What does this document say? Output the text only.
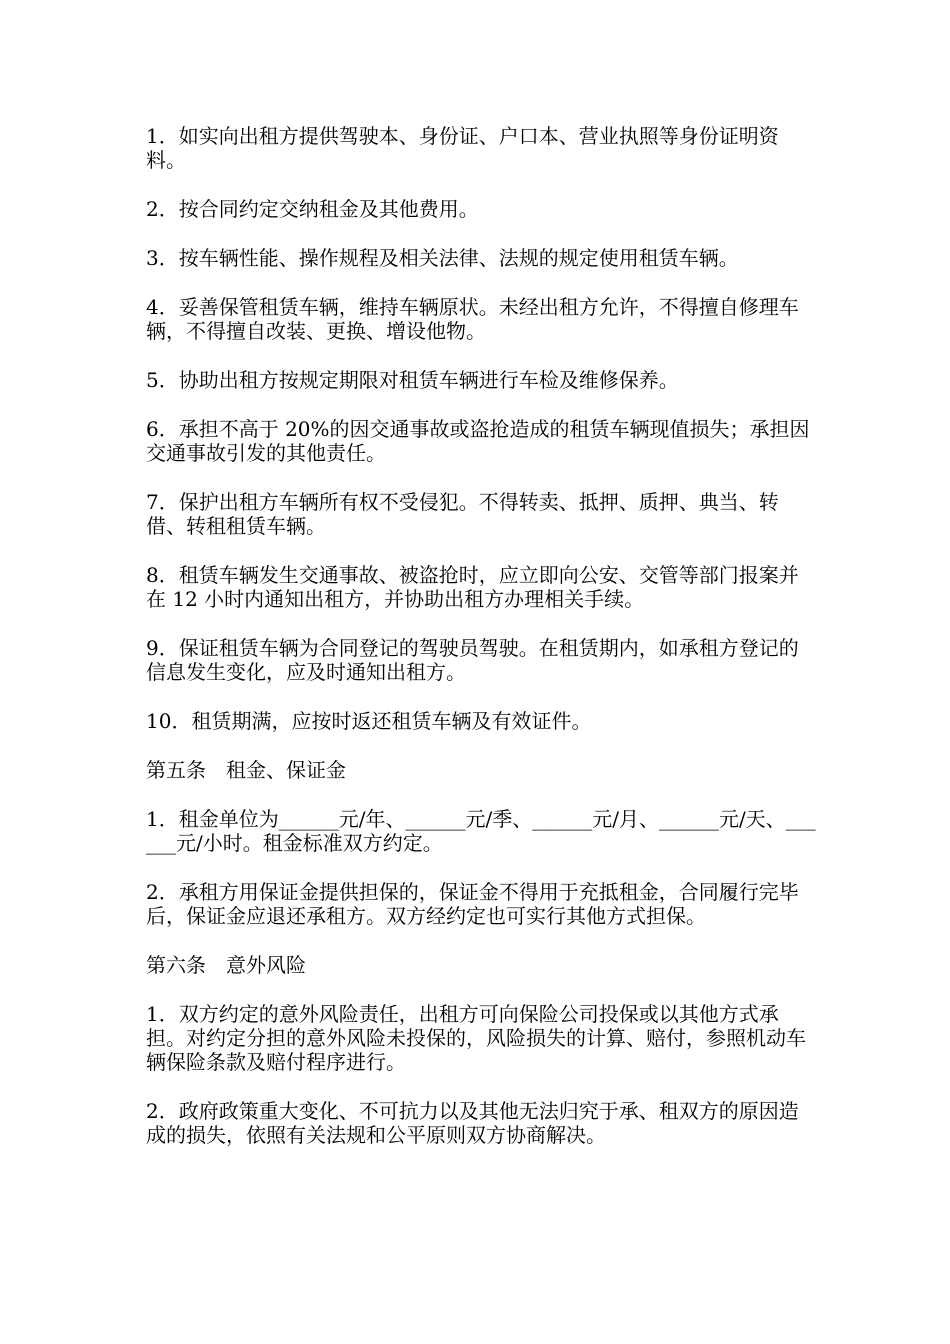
1．如实向出租方提供驾驶本、身份证、户口本、营业执照等身份证明资料。

2．按合同约定交纳租金及其他费用。

3．按车辆性能、操作规程及相关法律、法规的规定使用租赁车辆。

4．妥善保管租赁车辆，维持车辆原状。未经出租方允许，不得擅自修理车辆，不得擅自改装、更换、增设他物。

5．协助出租方按规定期限对租赁车辆进行车检及维修保养。

6．承担不高于 20%的因交通事故或盗抢造成的租赁车辆现值损失；承担因交通事故引发的其他责任。

7．保护出租方车辆所有权不受侵犯。不得转卖、抵押、质押、典当、转借、转租租赁车辆。

8．租赁车辆发生交通事故、被盗抢时，应立即向公安、交管等部门报案并在 12 小时内通知出租方，并协助出租方办理相关手续。

9．保证租赁车辆为合同登记的驾驶员驾驶。在租赁期内，如承租方登记的信息发生变化，应及时通知出租方。

10．租赁期满，应按时返还租赁车辆及有效证件。

第五条　租金、保证金

1．租金单位为______元/年、______元/季、______元/月、______元/天、______元/小时。租金标准双方约定。

2．承租方用保证金提供担保的，保证金不得用于充抵租金，合同履行完毕后，保证金应退还承租方。双方经约定也可实行其他方式担保。

第六条　意外风险

1．双方约定的意外风险责任，出租方可向保险公司投保或以其他方式承担。对约定分担的意外风险未投保的，风险损失的计算、赔付，参照机动车辆保险条款及赔付程序进行。

2．政府政策重大变化、不可抗力以及其他无法归究于承、租双方的原因造成的损失，依照有关法规和公平原则双方协商解决。
